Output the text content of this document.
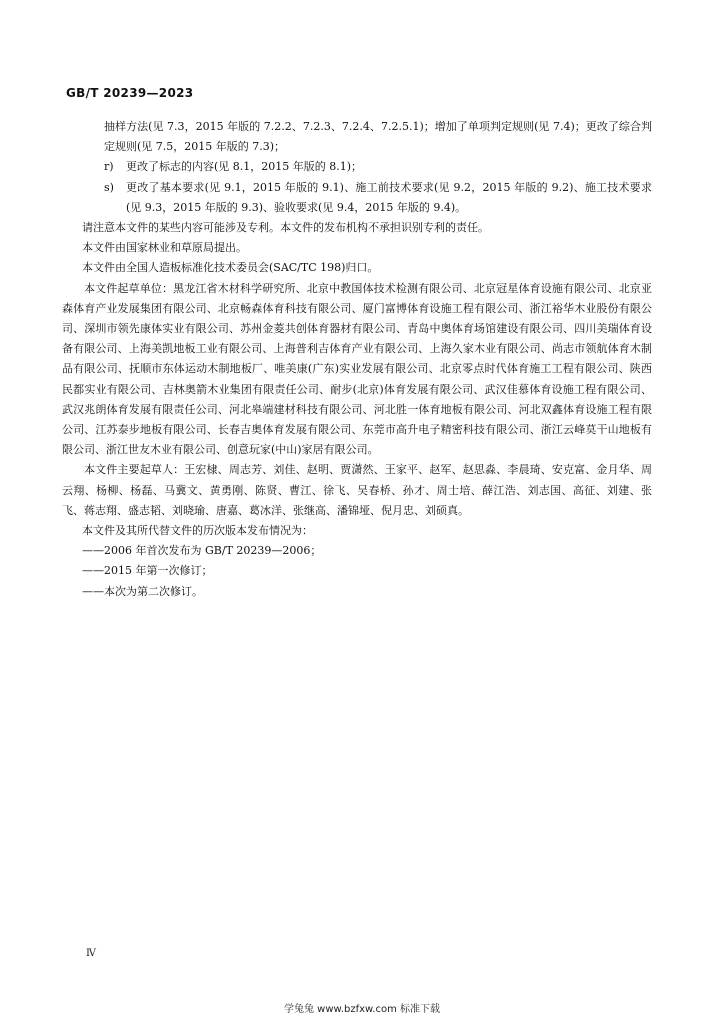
GB/T 20239—2023

抽样方法(见 7.3，2015 年版的 7.2.2、7.2.3、7.2.4、7.2.5.1)；增加了单项判定规则(见 7.4)；更改了综合判定规则(见 7.5，2015 年版的 7.3)；

r) 更改了标志的内容(见 8.1，2015 年版的 8.1)；

s) 更改了基本要求(见 9.1，2015 年版的 9.1)、施工前技术要求(见 9.2，2015 年版的 9.2)、施工技术要求(见 9.3，2015 年版的 9.3)、验收要求(见 9.4，2015 年版的 9.4)。

请注意本文件的某些内容可能涉及专利。本文件的发布机构不承担识别专利的责任。

本文件由国家林业和草原局提出。

本文件由全国人造板标准化技术委员会(SAC/TC 198)归口。

本文件起草单位：黑龙江省木材科学研究所、北京中教国体技术检测有限公司、北京冠星体育设施有限公司、北京亚森体育产业发展集团有限公司、北京畅森体育科技有限公司、厦门富博体育设施工程有限公司、浙江裕华木业股份有限公司、深圳市领先康体实业有限公司、苏州金菱共创体育器材有限公司、青岛中奥体育场馆建设有限公司、四川美瑞体育设备有限公司、上海美凯地板工业有限公司、上海普利吉体育产业有限公司、上海久家木业有限公司、尚志市领航体育木制品有限公司、抚顺市东体运动木制地板厂、唯美康(广东)实业发展有限公司、北京零点时代体育施工工程有限公司、陕西民都实业有限公司、吉林奥箭木业集团有限责任公司、耐步(北京)体育发展有限公司、武汉佳慕体育设施工程有限公司、武汉兆朗体育发展有限责任公司、河北皋端建材科技有限公司、河北胜一体育地板有限公司、河北双鑫体育设施工程有限公司、江苏泰步地板有限公司、长春吉奥体育发展有限公司、东莞市高升电子精密科技有限公司、浙江云峰莫干山地板有限公司、浙江世友木业有限公司、创意玩家(中山)家居有限公司。

本文件主要起草人：王宏棣、周志芳、刘佳、赵明、贾潇然、王家平、赵军、赵思淼、李晨琦、安克富、金月华、周云翔、杨柳、杨磊、马冀文、黄勇刚、陈贤、曹江、徐飞、吴春桥、孙才、周士培、薛江浩、刘志国、高征、刘建、张飞、蒋志翔、盛志韬、刘晓瑜、唐嘉、葛冰洋、张继高、潘锦垭、倪月忠、刘硕真。

本文件及其所代替文件的历次版本发布情况为：

——2006 年首次发布为 GB/T 20239—2006；

——2015 年第一次修订；

——本次为第二次修订。

Ⅳ
学兔兔 www.bzfxw.com 标准下载
